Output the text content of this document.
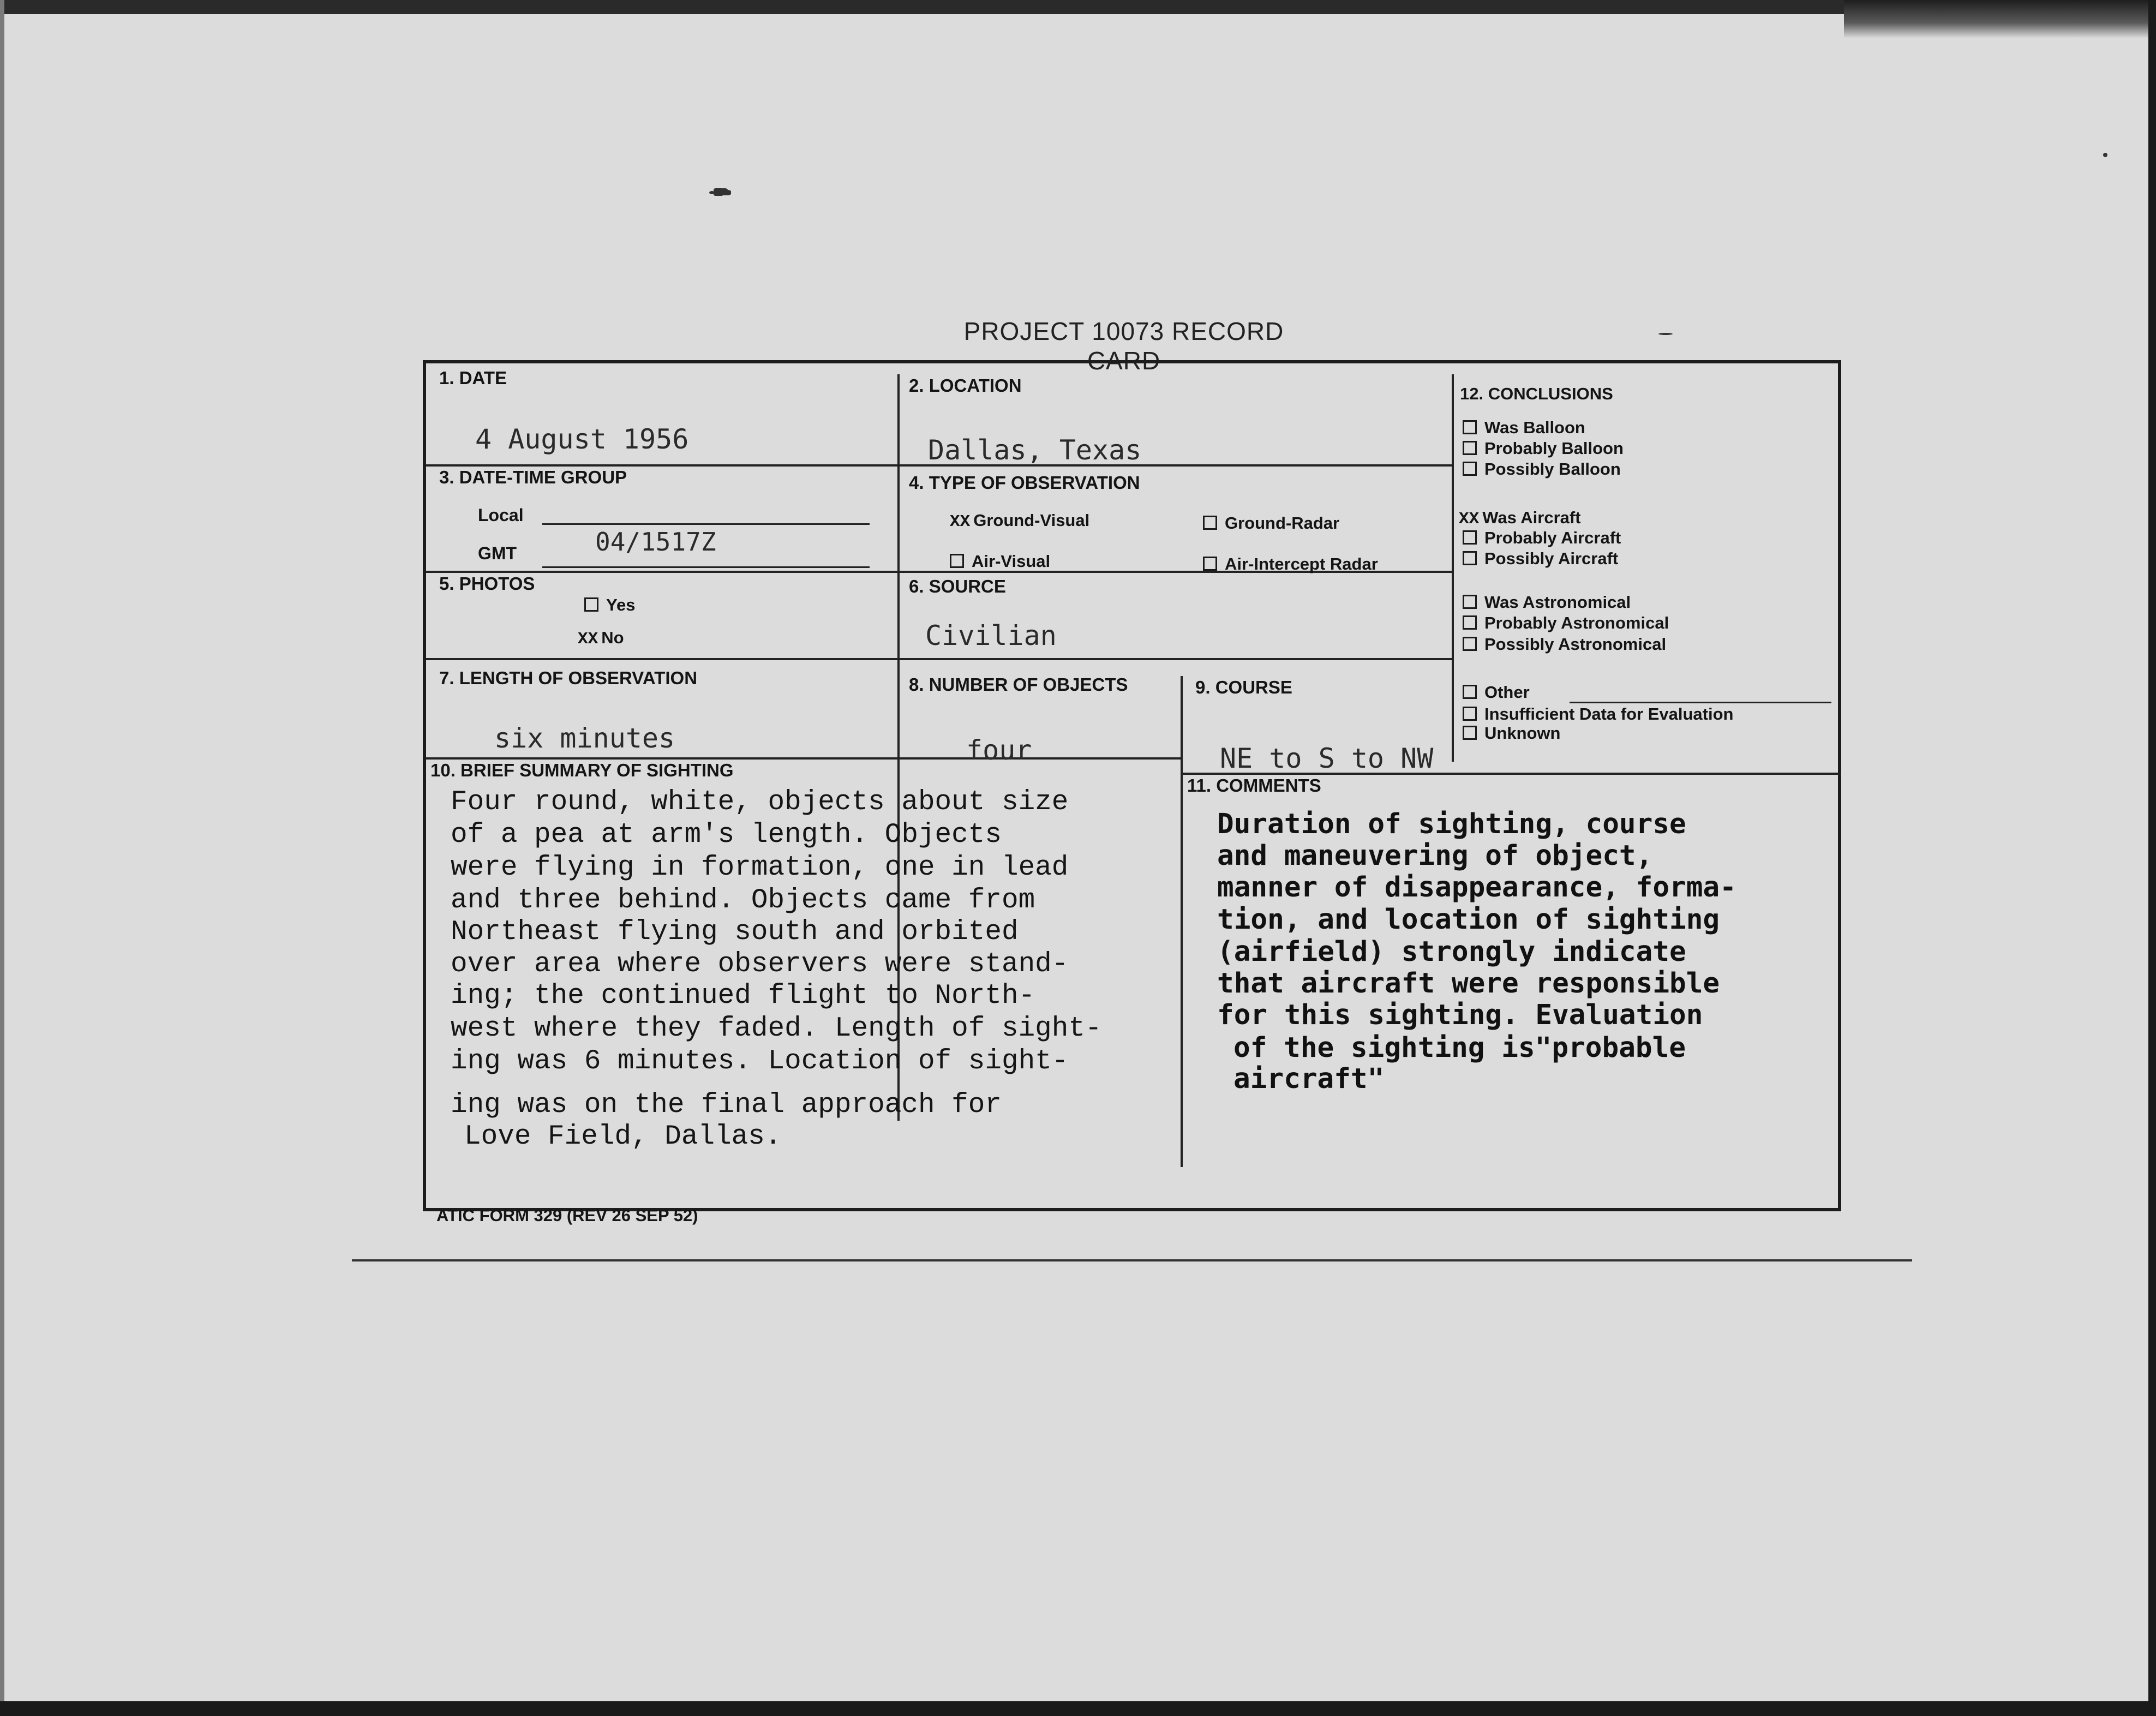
PROJECT 10073 RECORD CARD
1. DATE
4 August 1956
2. LOCATION
Dallas, Texas
3. DATE-TIME GROUP
Local
GMT	04/1517Z
4. TYPE OF OBSERVATION
XX Ground-Visual	Ground-Radar
Air-Visual	Air-Intercept Radar
5. PHOTOS
Yes
XX No
6. SOURCE
Civilian
7. LENGTH OF OBSERVATION
six minutes
8. NUMBER OF OBJECTS
four
9. COURSE
NE to S to NW
10. BRIEF SUMMARY OF SIGHTING
Four round, white, objects about size
of a pea at arm's length. Objects
were flying in formation, one in lead
and three behind. Objects came from
Northeast flying south and orbited
over area where observers were stand-
ing; the continued flight to North-
west where they faded. Length of sight-
ing was 6 minutes. Location of sight-
ing was on the final approach for
Love Field, Dallas.
11. COMMENTS
Duration of sighting, course
and maneuvering of object,
manner of disappearance, forma-
tion, and location of sighting
(airfield) strongly indicate
that aircraft were responsible
for this sighting. Evaluation
of the sighting is"probable
aircraft"
12. CONCLUSIONS
Was Balloon
Probably Balloon
Possibly Balloon
XX Was Aircraft
Probably Aircraft
Possibly Aircraft
Was Astronomical
Probably Astronomical
Possibly Astronomical
Other
Insufficient Data for Evaluation
Unknown
ATIC FORM 329 (REV 26 SEP 52)
